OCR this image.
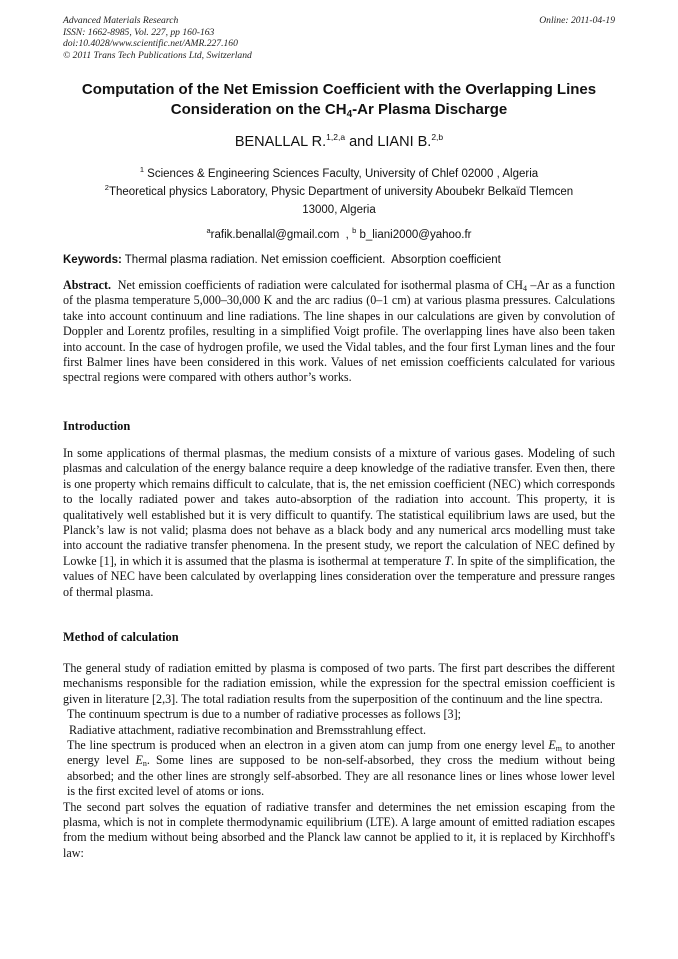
Advanced Materials Research
ISSN: 1662-8985, Vol. 227, pp 160-163
doi:10.4028/www.scientific.net/AMR.227.160
© 2011 Trans Tech Publications Ltd, Switzerland
Online: 2011-04-19
Computation of the Net Emission Coefficient with the Overlapping Lines
Consideration on the $CH_4-Ar$ Plasma Discharge
BENALLAL R.$^{1,2,a}$ and LIANI B.$^{2,b}$
$^1$ Sciences & Engineering Sciences Faculty, University of Chlef 02000 , Algeria
$^2$Theoretical physics Laboratory, Physic Department of university Aboubekr Belkaïd Tlemcen
13000, Algeria
$^a$rafik.benallal@gmail.com  , $^b$ b_liani2000@yahoo.fr
Keywords: Thermal plasma radiation. Net emission coefficient.  Absorption coefficient

Abstract.  Net emission coefficients of radiation were calculated for isothermal plasma of $CH_4$ –Ar as a function of the plasma temperature 5,000–30,000 K and the arc radius (0–1 cm) at various plasma pressures. Calculations take into account continuum and line radiations. The line shapes in our calculations are given by convolution of Doppler and Lorentz profiles, resulting in a simplified Voigt profile. The overlapping lines have also been taken into account. In the case of hydrogen profile, we used the Vidal tables, and the four first Lyman lines and the four first Balmer lines have been considered in this work. Values of net emission coefficients calculated for various spectral regions were compared with others author’s works.

Introduction

In some applications of thermal plasmas, the medium consists of a mixture of various gases. Modeling of such plasmas and calculation of the energy balance require a deep knowledge of the radiative transfer. Even then, there is one property which remains difficult to calculate, that is, the net emission coefficient (NEC) which corresponds to the locally radiated power and takes auto-absorption of the radiation into account. This property, it is qualitatively well established but it is very difficult to quantify. The statistical equilibrium laws are used, but the Planck’s law is not valid; plasma does not behave as a black body and any numerical arcs modelling must take into account the radiative transfer phenomena. In the present study, we report the calculation of NEC defined by Lowke [1], in which it is assumed that the plasma is isothermal at temperature T. In spite of the simplification, the values of NEC have been calculated by overlapping lines consideration over the temperature and pressure ranges of thermal plasma.

Method of calculation
The general study of radiation emitted by plasma is composed of two parts. The first part describes the different mechanisms responsible for the radiation emission, while the expression for the spectral emission coefficient is given in literature [2,3]. The total radiation results from the superposition of the continuum and the line spectra.
The continuum spectrum is due to a number of radiative processes as follows [3];
Radiative attachment, radiative recombination and Bremsstrahlung effect.
The line spectrum is produced when an electron in a given atom can jump from one energy level $E_m$ to another energy level $E_n$. Some lines are supposed to be non-self-absorbed, they cross the medium without being absorbed; and the other lines are strongly self-absorbed. They are all resonance lines or lines whose lower level is the first excited level of atoms or ions.
The second part solves the equation of radiative transfer and determines the net emission escaping from the plasma, which is not in complete thermodynamic equilibrium (LTE). A large amount of emitted radiation escapes from the medium without being absorbed and the Planck law cannot be applied to it, it is replaced by Kirchhoff's law:
